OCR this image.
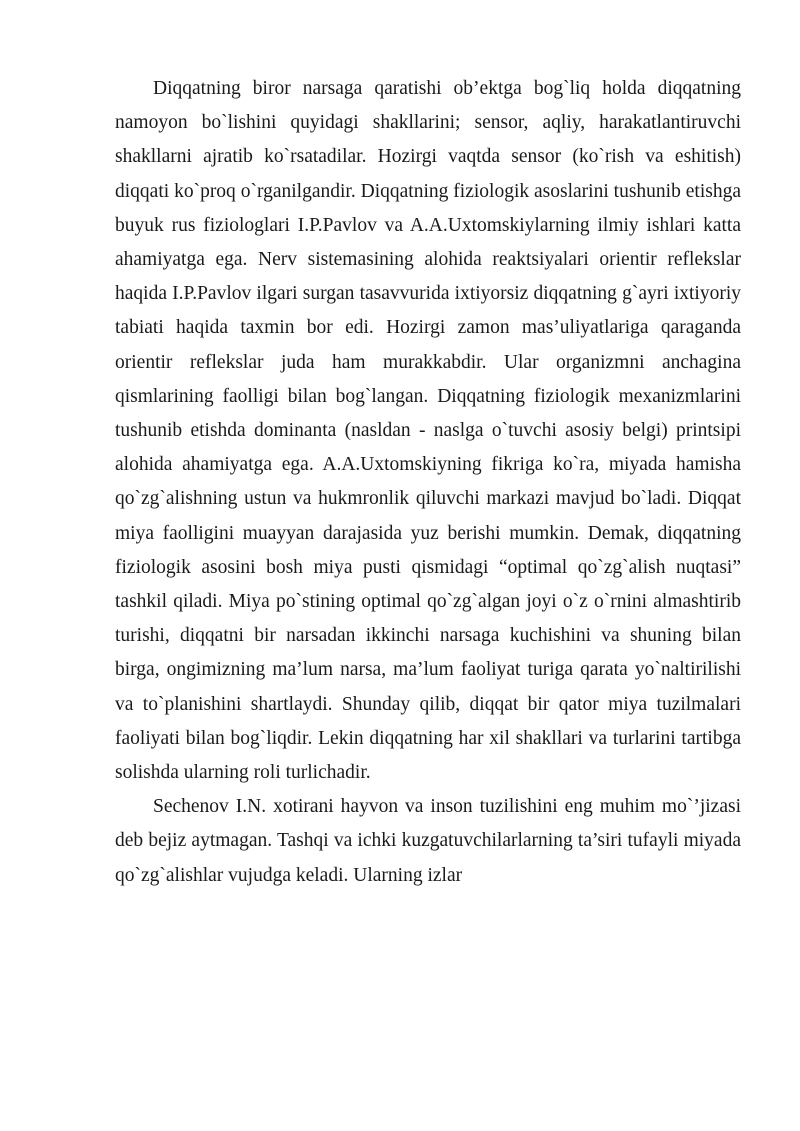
Diqqatning biror narsaga qaratishi ob’ektga bog`liq holda diqqatning namoyon bo`lishini quyidagi shakllarini; sensor, aqliy, harakatlantiruvchi shakllarni ajratib ko`rsatadilar. Hozirgi vaqtda sensor (ko`rish va eshitish) diqqati ko`proq o`rganilgandir. Diqqatning fiziologik asoslarini tushunib etishga buyuk rus fiziologlari I.P.Pavlov va A.A.Uxtomskiylarning ilmiy ishlari katta ahamiyatga ega. Nerv sistemasining alohida reaktsiyalari orientir reflekslar haqida I.P.Pavlov ilgari surgan tasavvurida ixtiyorsiz diqqatning g`ayri ixtiyoriy tabiati haqida taxmin bor edi. Hozirgi zamon mas’uliyatlariga qaraganda orientir reflekslar juda ham murakkabdir. Ular organizmni anchagina qismlarining faolligi bilan bog`langan. Diqqatning fiziologik mexanizmlarini tushunib etishda dominanta (nasldan - naslga o`tuvchi asosiy belgi) printsipi alohida ahamiyatga ega. A.A.Uxtomskiyning fikriga ko`ra, miyada hamisha qo`zg`alishning ustun va hukmronlik qiluvchi markazi mavjud bo`ladi. Diqqat miya faolligini muayyan darajasida yuz berishi mumkin. Demak, diqqatning fiziologik asosini bosh miya pusti qismidagi “optimal qo`zg`alish nuqtasi” tashkil qiladi. Miya po`stining optimal qo`zg`algan joyi o`z o`rnini almashtirib turishi, diqqatni bir narsadan ikkinchi narsaga kuchishini va shuning bilan birga, ongimizning ma’lum narsa, ma’lum faoliyat turiga qarata yo`naltirilishi va to`planishini shartlaydi. Shunday qilib, diqqat bir qator miya tuzilmalari faoliyati bilan bog`liqdir. Lekin diqqatning har xil shakllari va turlarini tartibga solishda ularning roli turlichadir.

Sechenov I.N. xotirani hayvon va inson tuzilishini eng muhim mo`’jizasi deb bejiz aytmagan. Tashqi va ichki kuzgatuvchilarlarning ta’siri tufayli miyada qo`zg`alishlar vujudga keladi. Ularning izlar
